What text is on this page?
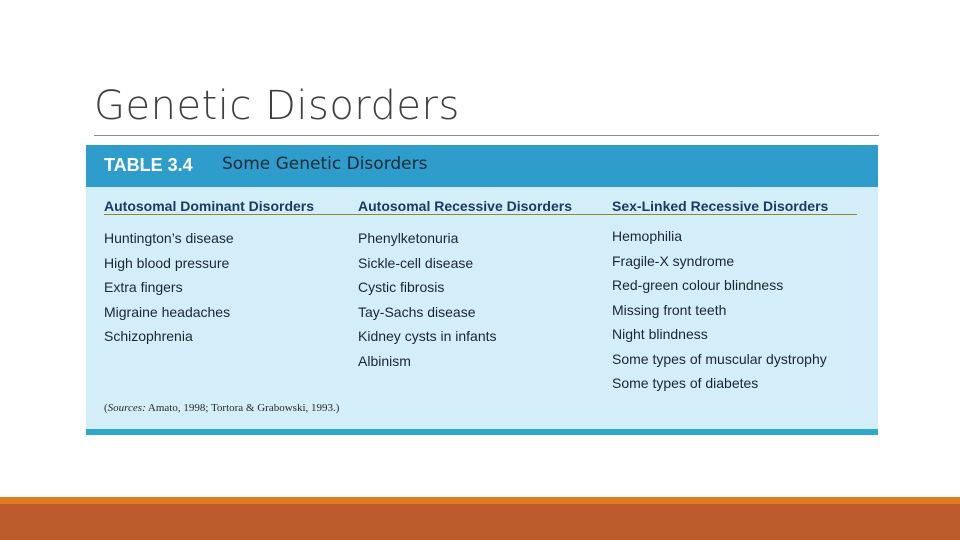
Genetic Disorders
TABLE 3.4 Some Genetic Disorders
Autosomal Dominant Disorders	Autosomal Recessive Disorders	Sex-Linked Recessive Disorders
Huntington’s disease
High blood pressure
Extra fingers
Migraine headaches
Schizophrenia
Phenylketonuria
Sickle-cell disease
Cystic fibrosis
Tay-Sachs disease
Kidney cysts in infants
Albinism
Hemophilia
Fragile-X syndrome
Red-green colour blindness
Missing front teeth
Night blindness
Some types of muscular dystrophy
Some types of diabetes
(Sources: Amato, 1998; Tortora & Grabowski, 1993.)
